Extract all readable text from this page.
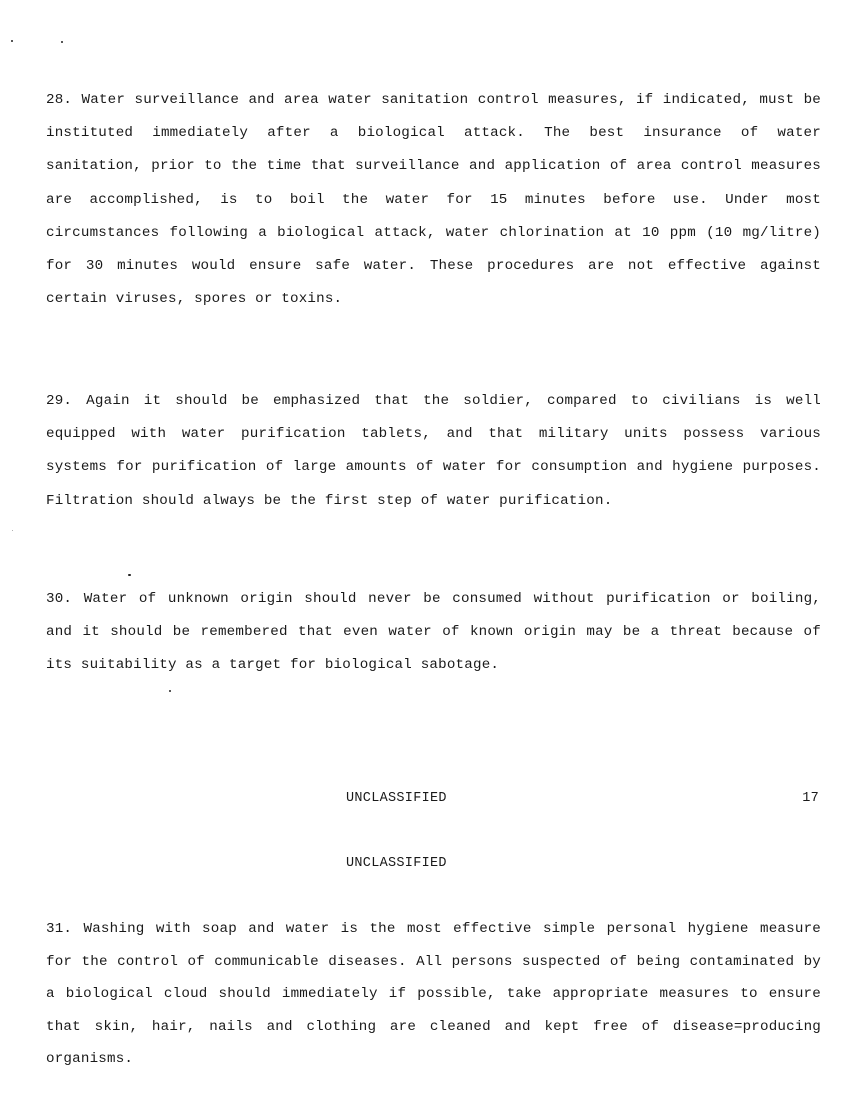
28. Water surveillance and area water sanitation control measures, if indicated, must be instituted immediately after a biological attack. The best insurance of water sanitation, prior to the time that surveillance and application of area control measures are accomplished, is to boil the water for 15 minutes before use. Under most circumstances following a biological attack, water chlorination at 10 ppm (10 mg/litre) for 30 minutes would ensure safe water. These procedures are not effective against certain viruses, spores or toxins.

29. Again it should be emphasized that the soldier, compared to civilians is well equipped with water purification tablets, and that military units possess various systems for purification of large amounts of water for consumption and hygiene purposes. Filtration should always be the first step of water purification.

30. Water of unknown origin should never be consumed without purification or boiling, and it should be remembered that even water of known origin may be a threat because of its suitability as a target for biological sabotage.

UNCLASSIFIED	17
UNCLASSIFIED

31. Washing with soap and water is the most effective simple personal hygiene measure for the control of communicable diseases. All persons suspected of being contaminated by a biological cloud should immediately if possible, take appropriate measures to ensure that skin, hair, nails and clothing are cleaned and kept free of disease=producing organisms.
